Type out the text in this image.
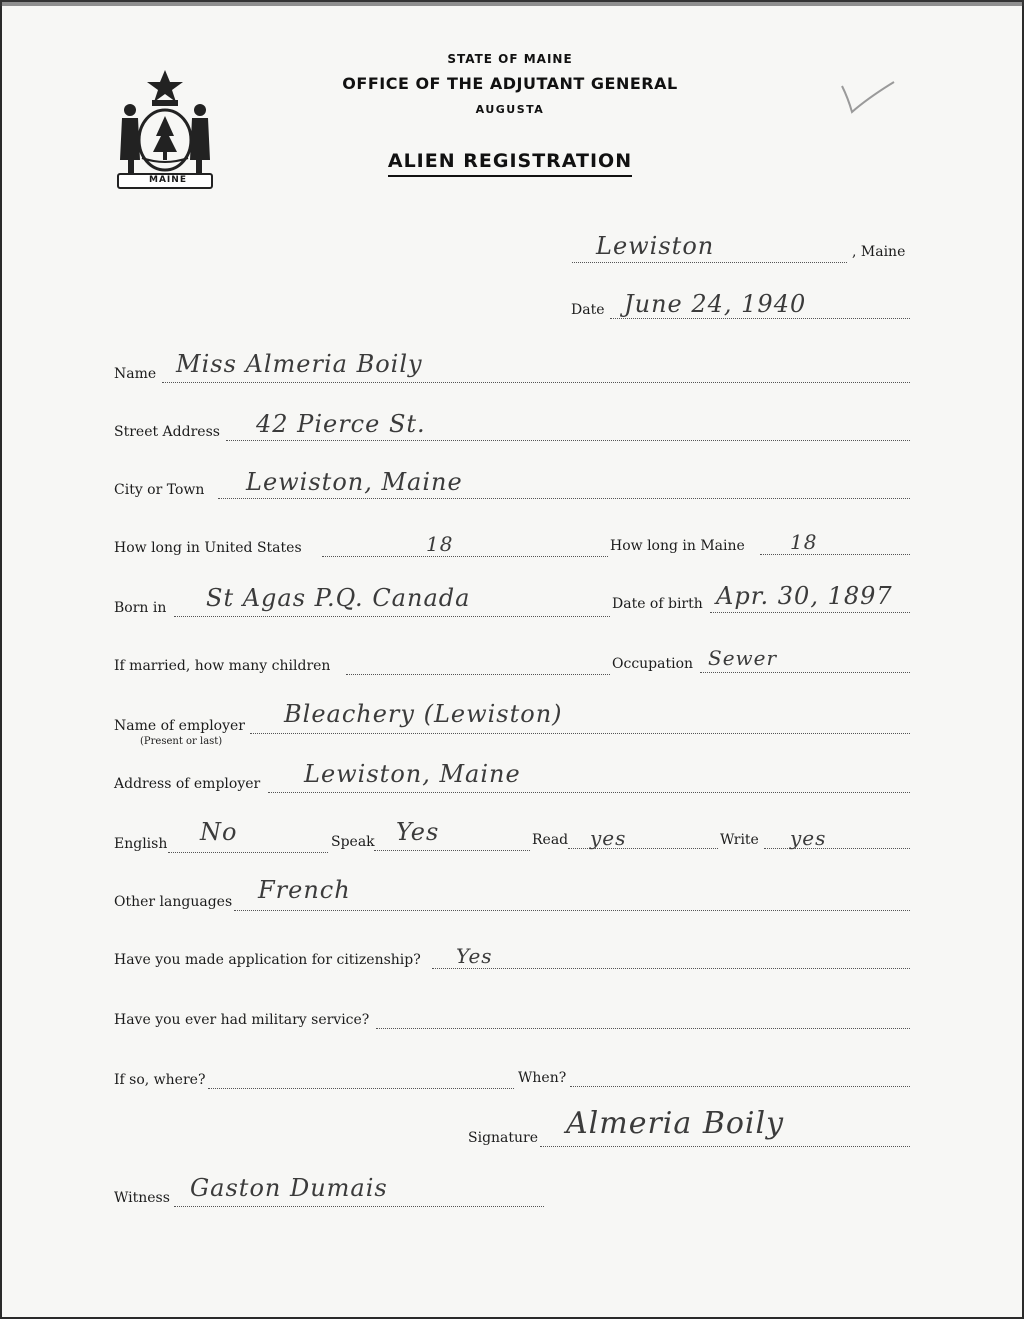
MAINE
STATE OF MAINE
OFFICE OF THE ADJUTANT GENERAL
AUGUSTA
ALIEN REGISTRATION
Lewiston	, Maine
Date June 24, 1940
Name Miss Almeria Boily
Street Address 42 Pierce St.
City or Town Lewiston, Maine
How long in United States	18	How long in Maine 18
Born in St Agas P.Q. Canada	Date of birth Apr. 30, 1897
If married, how many children	Occupation Sewer
Name of employer
(Present or last)
Bleachery (Lewiston)
Address of employer Lewiston, Maine
English No	Speak Yes	Read yes	Write yes
Other languages French
Have you made application for citizenship? Yes
Have you ever had military service?
If so, where?	When?
Signature Almeria Boily
Witness Gaston Dumais
